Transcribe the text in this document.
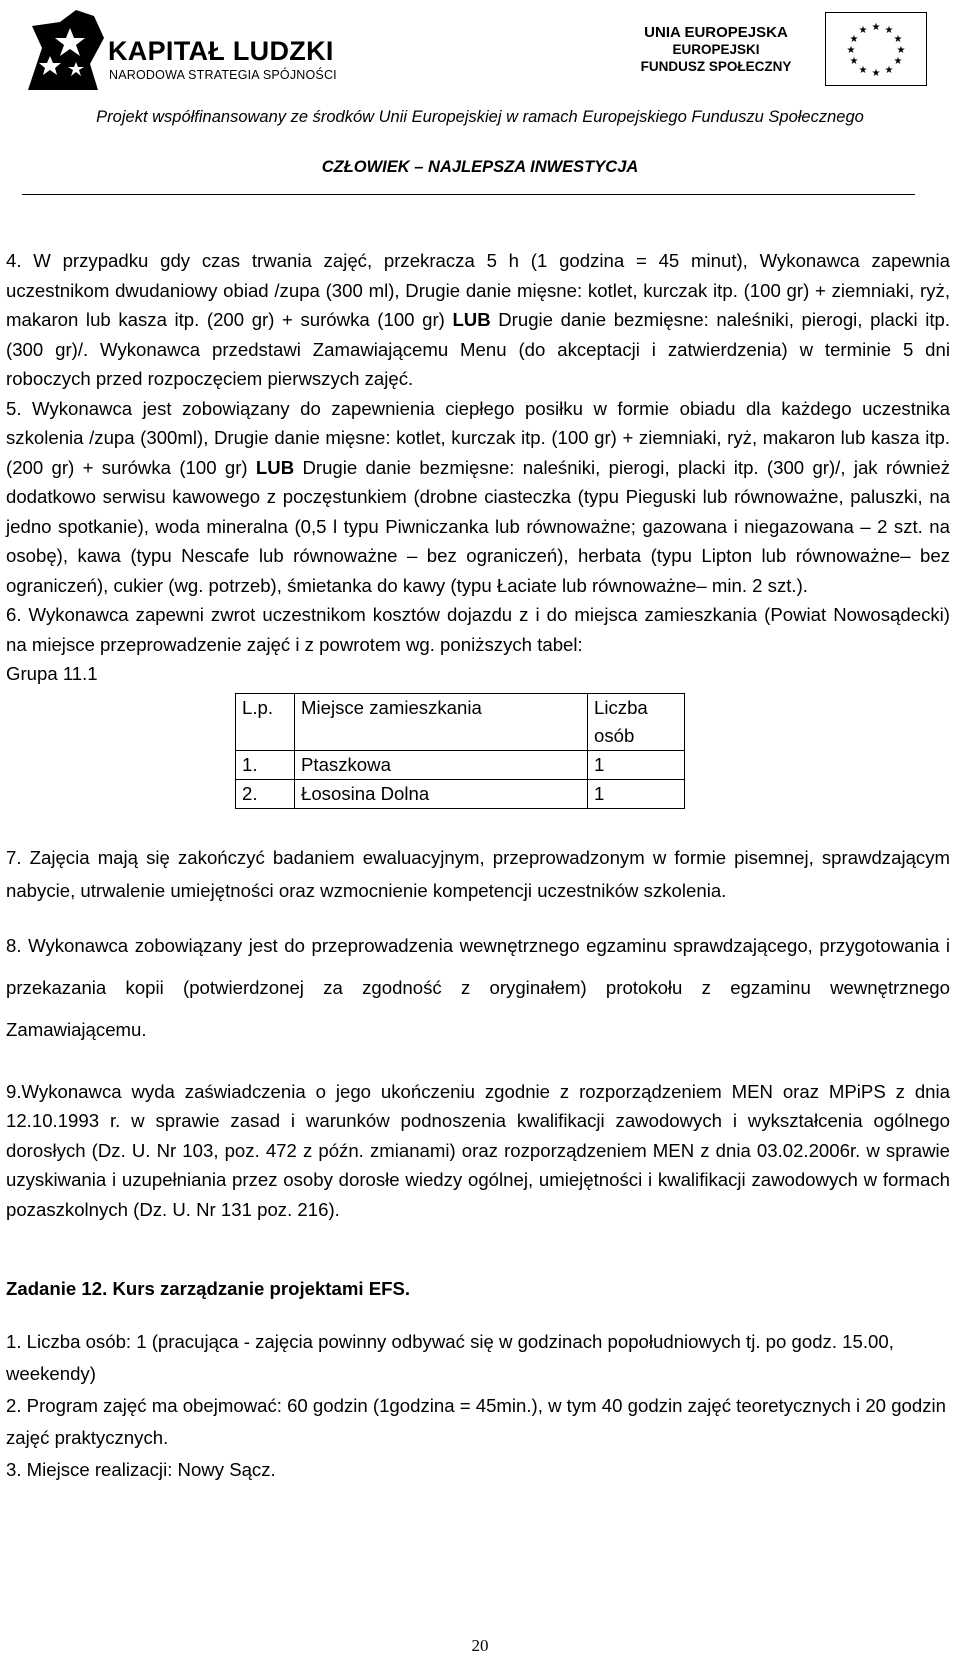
KAPITAŁ LUDZKI
NARODOWA STRATEGIA SPÓJNOŚCI
UNIA EUROPEJSKA
EUROPEJSKI
FUNDUSZ SPOŁECZNY
★ ★
★
★
★
★
★
★
★
★
★
★
Projekt współfinansowany ze środków Unii Europejskiej w ramach Europejskiego Funduszu Społecznego
CZŁOWIEK – NAJLEPSZA INWESTYCJA

4. W przypadku gdy czas trwania zajęć, przekracza 5 h (1 godzina = 45 minut), Wykonawca zapewnia uczestnikom dwudaniowy obiad /zupa (300 ml), Drugie danie mięsne: kotlet, kurczak itp. (100 gr) + ziemniaki, ryż, makaron lub kasza itp. (200 gr) + surówka (100 gr) LUB Drugie danie bezmięsne: naleśniki, pierogi, placki itp. (300 gr)/. Wykonawca przedstawi Zamawiającemu Menu (do akceptacji i zatwierdzenia) w terminie 5 dni roboczych przed rozpoczęciem pierwszych zajęć.

5. Wykonawca jest zobowiązany do zapewnienia ciepłego posiłku w formie obiadu dla każdego uczestnika szkolenia /zupa (300ml), Drugie danie mięsne: kotlet, kurczak itp. (100 gr) + ziemniaki, ryż, makaron lub kasza itp. (200 gr) + surówka (100 gr) LUB Drugie danie bezmięsne: naleśniki, pierogi, placki itp. (300 gr)/, jak również dodatkowo serwisu kawowego z poczęstunkiem (drobne ciasteczka (typu Pieguski lub równoważne, paluszki, na jedno spotkanie), woda mineralna (0,5 l typu Piwniczanka lub równoważne; gazowana i niegazowana – 2 szt. na osobę), kawa (typu Nescafe lub równoważne – bez ograniczeń), herbata (typu Lipton lub równoważne– bez ograniczeń), cukier (wg. potrzeb), śmietanka do kawy (typu Łaciate lub równoważne– min. 2 szt.).

6. Wykonawca zapewni zwrot uczestnikom kosztów dojazdu z i do miejsca zamieszkania (Powiat Nowosądecki) na miejsce przeprowadzenie zajęć i z powrotem wg. poniższych tabel:

Grupa 11.1

L.p.	Miejsce zamieszkania	Liczba osób
1.	Ptaszkowa	1
2.	Łososina Dolna	1

7. Zajęcia mają się zakończyć badaniem ewaluacyjnym, przeprowadzonym w formie pisemnej, sprawdzającym nabycie, utrwalenie umiejętności oraz wzmocnienie kompetencji uczestników szkolenia.

8. Wykonawca zobowiązany jest do przeprowadzenia wewnętrznego egzaminu sprawdzającego, przygotowania i przekazania kopii (potwierdzonej za zgodność z oryginałem) protokołu z egzaminu wewnętrznego Zamawiającemu.

9.Wykonawca wyda zaświadczenia o jego ukończeniu zgodnie z rozporządzeniem MEN oraz MPiPS z dnia 12.10.1993 r. w sprawie zasad i warunków podnoszenia kwalifikacji zawodowych i wykształcenia ogólnego dorosłych (Dz. U. Nr 103, poz. 472 z późn. zmianami) oraz rozporządzeniem MEN z dnia 03.02.2006r. w sprawie uzyskiwania i uzupełniania przez osoby dorosłe wiedzy ogólnej, umiejętności i kwalifikacji zawodowych w formach pozaszkolnych (Dz. U. Nr 131 poz. 216).

Zadanie 12. Kurs zarządzanie projektami EFS.

1. Liczba osób: 1 (pracująca - zajęcia powinny odbywać się w godzinach popołudniowych tj. po godz. 15.00, weekendy)

2. Program zajęć ma obejmować: 60 godzin (1godzina = 45min.), w tym 40 godzin zajęć teoretycznych i 20 godzin zajęć praktycznych.

3. Miejsce realizacji: Nowy Sącz.

20
